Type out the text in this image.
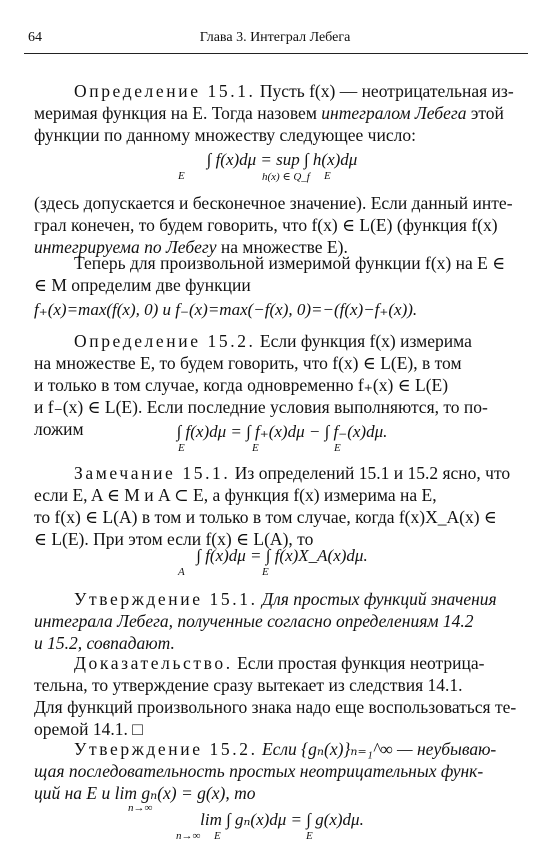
64	Глава 3. Интеграл Лебега
Определение 15.1. Пусть f(x) — неотрицательная из-
меримая функция на E. Тогда назовем интегралом Лебега этой
функции по данному множеству следующее число:
∫ f(x)dμ = sup ∫ h(x)dμ
E	h(x) ∈ Q_f E
(здесь допускается и бесконечное значение). Если данный инте-
грал конечен, то будем говорить, что f(x) ∈ L(E) (функция f(x)
интегрируема по Лебегу на множестве E).
Теперь для произвольной измеримой функции f(x) на E ∈
∈ M определим две функции
f₊(x)=max(f(x), 0) и f₋(x)=max(−f(x), 0)=−(f(x)−f₊(x)).
Определение 15.2. Если функция f(x) измерима
на множестве E, то будем говорить, что f(x) ∈ L(E), в том
и только в том случае, когда одновременно f₊(x) ∈ L(E)
и f₋(x) ∈ L(E). Если последние условия выполняются, то по-
ложим	∫ f(x)dμ = ∫ f₊(x)dμ − ∫ f₋(x)dμ.
E	E	E
Замечание 15.1. Из определений 15.1 и 15.2 ясно, что
если E, A ∈ M и A ⊂ E, а функция f(x) измерима на E,
то f(x) ∈ L(A) в том и только в том случае, когда f(x)X_A(x) ∈
∈ L(E). При этом если f(x) ∈ L(A), то
∫ f(x)dμ = ∫ f(x)X_A(x)dμ.
A	E
Утверждение 15.1. Для простых функций значения
интеграла Лебега, полученные согласно определениям 14.2
и 15.2, совпадают.
Доказательство. Если простая функция неотрица-
тельна, то утверждение сразу вытекает из следствия 14.1.
Для функций произвольного знака надо еще воспользоваться те-
оремой 14.1. □
Утверждение 15.2. Если {gₙ(x)}ₙ₌₁^∞ — неубываю-
щая последовательность простых неотрицательных функ-
ций на E и lim gₙ(x) = g(x), то
n→∞
lim ∫ gₙ(x)dμ = ∫ g(x)dμ.
n→∞ E	E
